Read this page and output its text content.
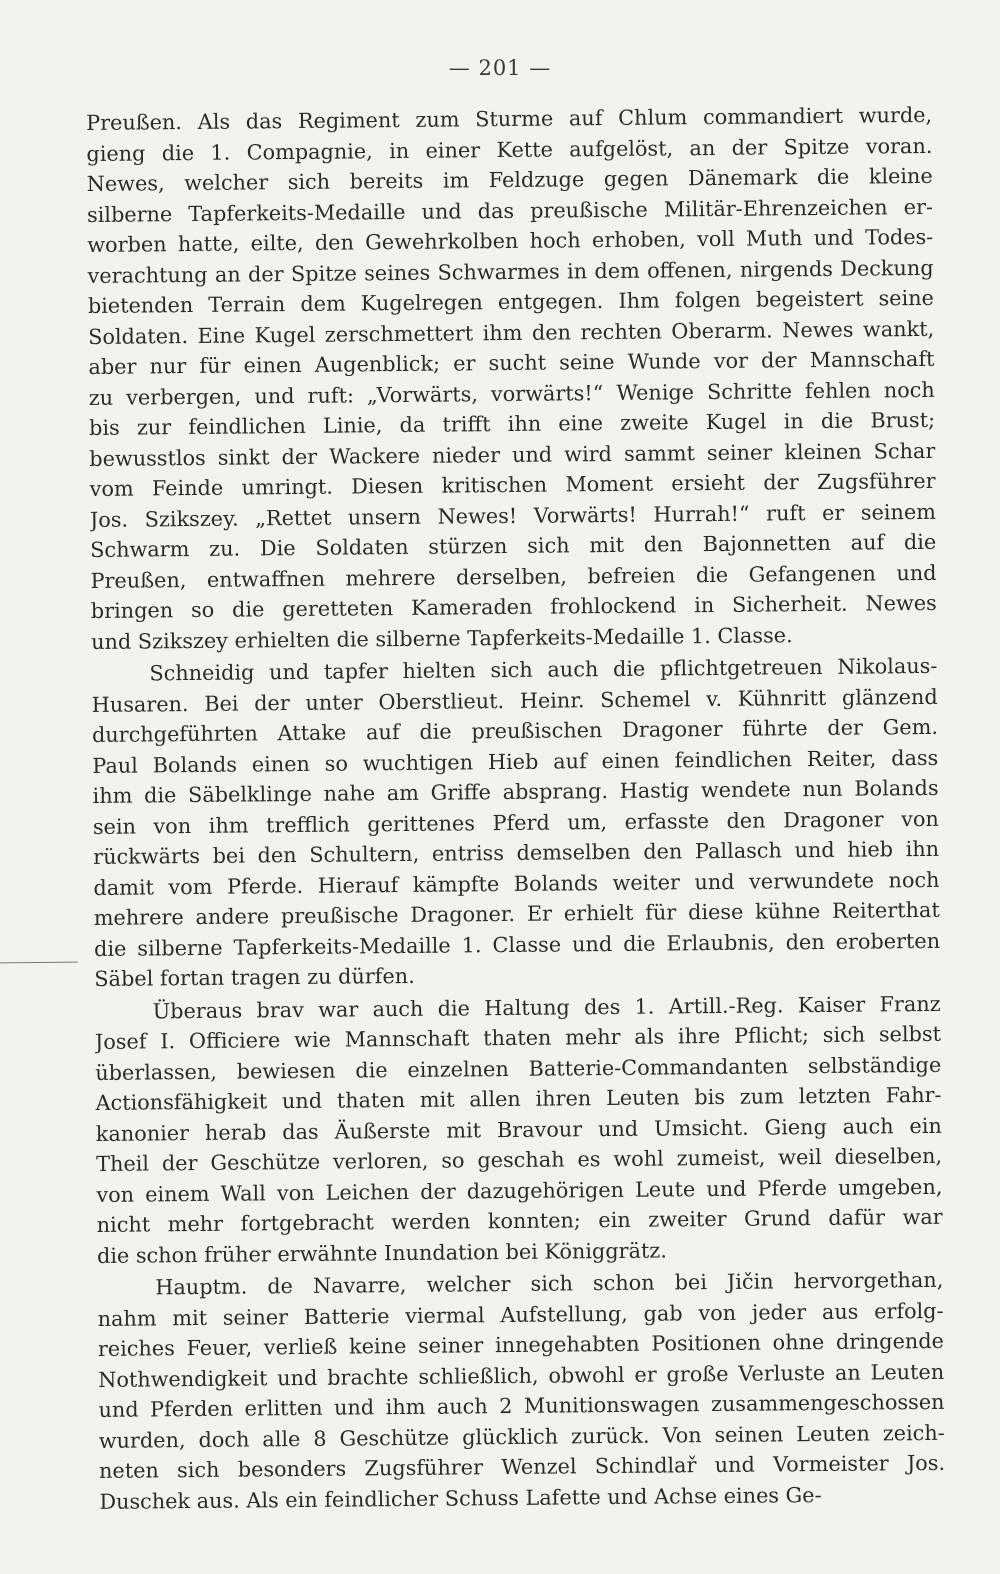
— 201 —
Preußen. Als das Regiment zum Sturme auf Chlum commandiert wurde,
gieng die 1. Compagnie, in einer Kette aufgelöst, an der Spitze voran.
Newes, welcher sich bereits im Feldzuge gegen Dänemark die kleine
silberne Tapferkeits-Medaille und das preußische Militär-Ehrenzeichen er-
worben hatte, eilte, den Gewehrkolben hoch erhoben, voll Muth und Todes-
verachtung an der Spitze seines Schwarmes in dem offenen, nirgends Deckung
bietenden Terrain dem Kugelregen entgegen. Ihm folgen begeistert seine
Soldaten. Eine Kugel zerschmettert ihm den rechten Oberarm. Newes wankt,
aber nur für einen Augenblick; er sucht seine Wunde vor der Mannschaft
zu verbergen, und ruft: „Vorwärts, vorwärts!“ Wenige Schritte fehlen noch
bis zur feindlichen Linie, da trifft ihn eine zweite Kugel in die Brust;
bewusstlos sinkt der Wackere nieder und wird sammt seiner kleinen Schar
vom Feinde umringt. Diesen kritischen Moment ersieht der Zugsführer
Jos. Szikszey. „Rettet unsern Newes! Vorwärts! Hurrah!“ ruft er seinem
Schwarm zu. Die Soldaten stürzen sich mit den Bajonnetten auf die
Preußen, entwaffnen mehrere derselben, befreien die Gefangenen und
bringen so die geretteten Kameraden frohlockend in Sicherheit. Newes
und Szikszey erhielten die silberne Tapferkeits-Medaille 1. Classe.
Schneidig und tapfer hielten sich auch die pflichtgetreuen Nikolaus-
Husaren. Bei der unter Oberstlieut. Heinr. Schemel v. Kühnritt glänzend
durchgeführten Attake auf die preußischen Dragoner führte der Gem.
Paul Bolands einen so wuchtigen Hieb auf einen feindlichen Reiter, dass
ihm die Säbelklinge nahe am Griffe absprang. Hastig wendete nun Bolands
sein von ihm trefflich gerittenes Pferd um, erfasste den Dragoner von
rückwärts bei den Schultern, entriss demselben den Pallasch und hieb ihn
damit vom Pferde. Hierauf kämpfte Bolands weiter und verwundete noch
mehrere andere preußische Dragoner. Er erhielt für diese kühne Reiterthat
die silberne Tapferkeits-Medaille 1. Classe und die Erlaubnis, den eroberten
Säbel fortan tragen zu dürfen.
Überaus brav war auch die Haltung des 1. Artill.-Reg. Kaiser Franz
Josef I. Officiere wie Mannschaft thaten mehr als ihre Pflicht; sich selbst
überlassen, bewiesen die einzelnen Batterie-Commandanten selbständige
Actionsfähigkeit und thaten mit allen ihren Leuten bis zum letzten Fahr-
kanonier herab das Äußerste mit Bravour und Umsicht. Gieng auch ein
Theil der Geschütze verloren, so geschah es wohl zumeist, weil dieselben,
von einem Wall von Leichen der dazugehörigen Leute und Pferde umgeben,
nicht mehr fortgebracht werden konnten; ein zweiter Grund dafür war
die schon früher erwähnte Inundation bei Königgrätz.
Hauptm. de Navarre, welcher sich schon bei Jičin hervorgethan,
nahm mit seiner Batterie viermal Aufstellung, gab von jeder aus erfolg-
reiches Feuer, verließ keine seiner innegehabten Positionen ohne dringende
Nothwendigkeit und brachte schließlich, obwohl er große Verluste an Leuten
und Pferden erlitten und ihm auch 2 Munitionswagen zusammengeschossen
wurden, doch alle 8 Geschütze glücklich zurück. Von seinen Leuten zeich-
neten sich besonders Zugsführer Wenzel Schindlař und Vormeister Jos.
Duschek aus. Als ein feindlicher Schuss Lafette und Achse eines Ge-
